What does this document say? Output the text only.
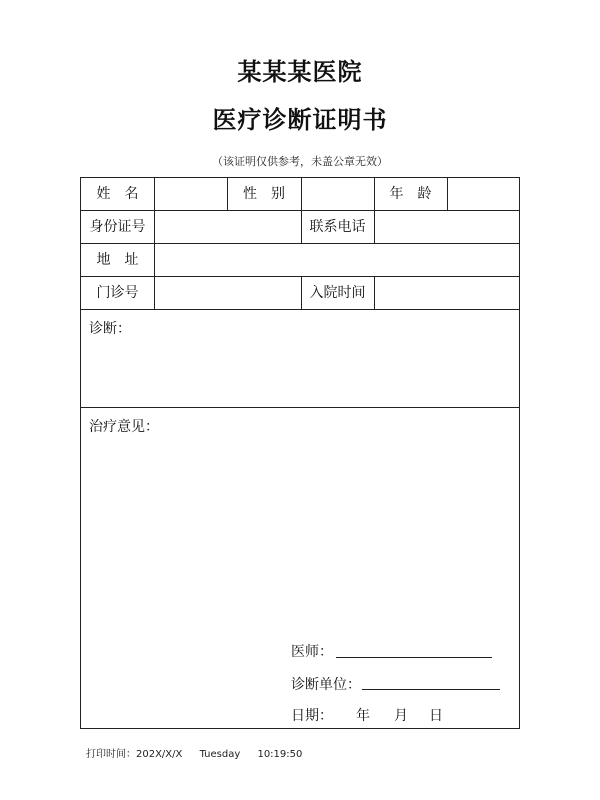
某某某医院
医疗诊断证明书
（该证明仅供参考，未盖公章无效）
姓　名	性　别	年　龄
身份证号	联系电话
地　址
门诊号	入院时间
诊断：
治疗意见：
医师：
诊断单位：
日期： 年 月 日
打印时间：202X/X/X Tuesday 10:19:50
